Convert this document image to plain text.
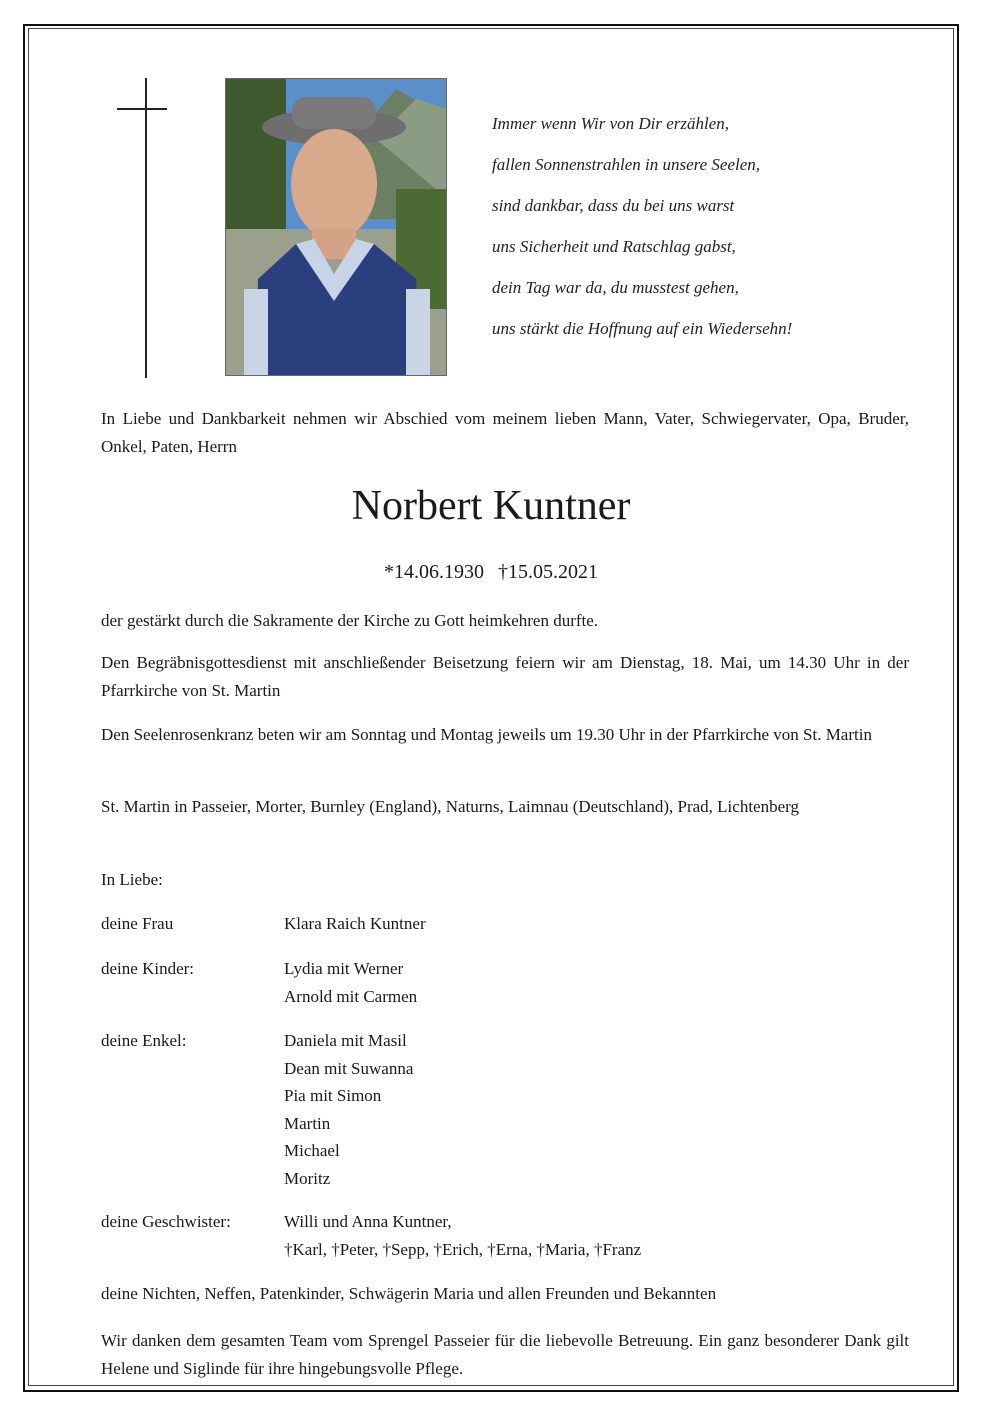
Immer wenn Wir von Dir erzählen,
fallen Sonnenstrahlen in unsere Seelen,
sind dankbar, dass du bei uns warst
uns Sicherheit und Ratschlag gabst,
dein Tag war da, du musstest gehen,
uns stärkt die Hoffnung auf ein Wiedersehn!
In Liebe und Dankbarkeit nehmen wir Abschied vom meinem lieben Mann, Vater, Schwiegervater, Opa, Bruder, Onkel, Paten, Herrn
Norbert Kuntner
*14.06.1930 †15.05.2021
der gestärkt durch die Sakramente der Kirche zu Gott heimkehren durfte.
Den Begräbnisgottesdienst mit anschließender Beisetzung feiern wir am Dienstag, 18. Mai, um 14.30 Uhr in der Pfarrkirche von St. Martin
Den Seelenrosenkranz beten wir am Sonntag und Montag jeweils um 19.30 Uhr in der Pfarrkirche von St. Martin
St. Martin in Passeier, Morter, Burnley (England), Naturns, Laimnau (Deutschland), Prad, Lichtenberg
In Liebe:
deine Frau	Klara Raich Kuntner
deine Kinder:	Lydia mit Werner
Arnold mit Carmen
deine Enkel:	Daniela mit Masil
Dean mit Suwanna
Pia mit Simon
Martin
Michael
Moritz
deine Geschwister:	Willi und Anna Kuntner,
†Karl, †Peter, †Sepp, †Erich, †Erna, †Maria, †Franz
deine Nichten, Neffen, Patenkinder, Schwägerin Maria und allen Freunden und Bekannten
Wir danken dem gesamten Team vom Sprengel Passeier für die liebevolle Betreuung. Ein ganz besonderer Dank gilt Helene und Siglinde für ihre hingebungsvolle Pflege.
